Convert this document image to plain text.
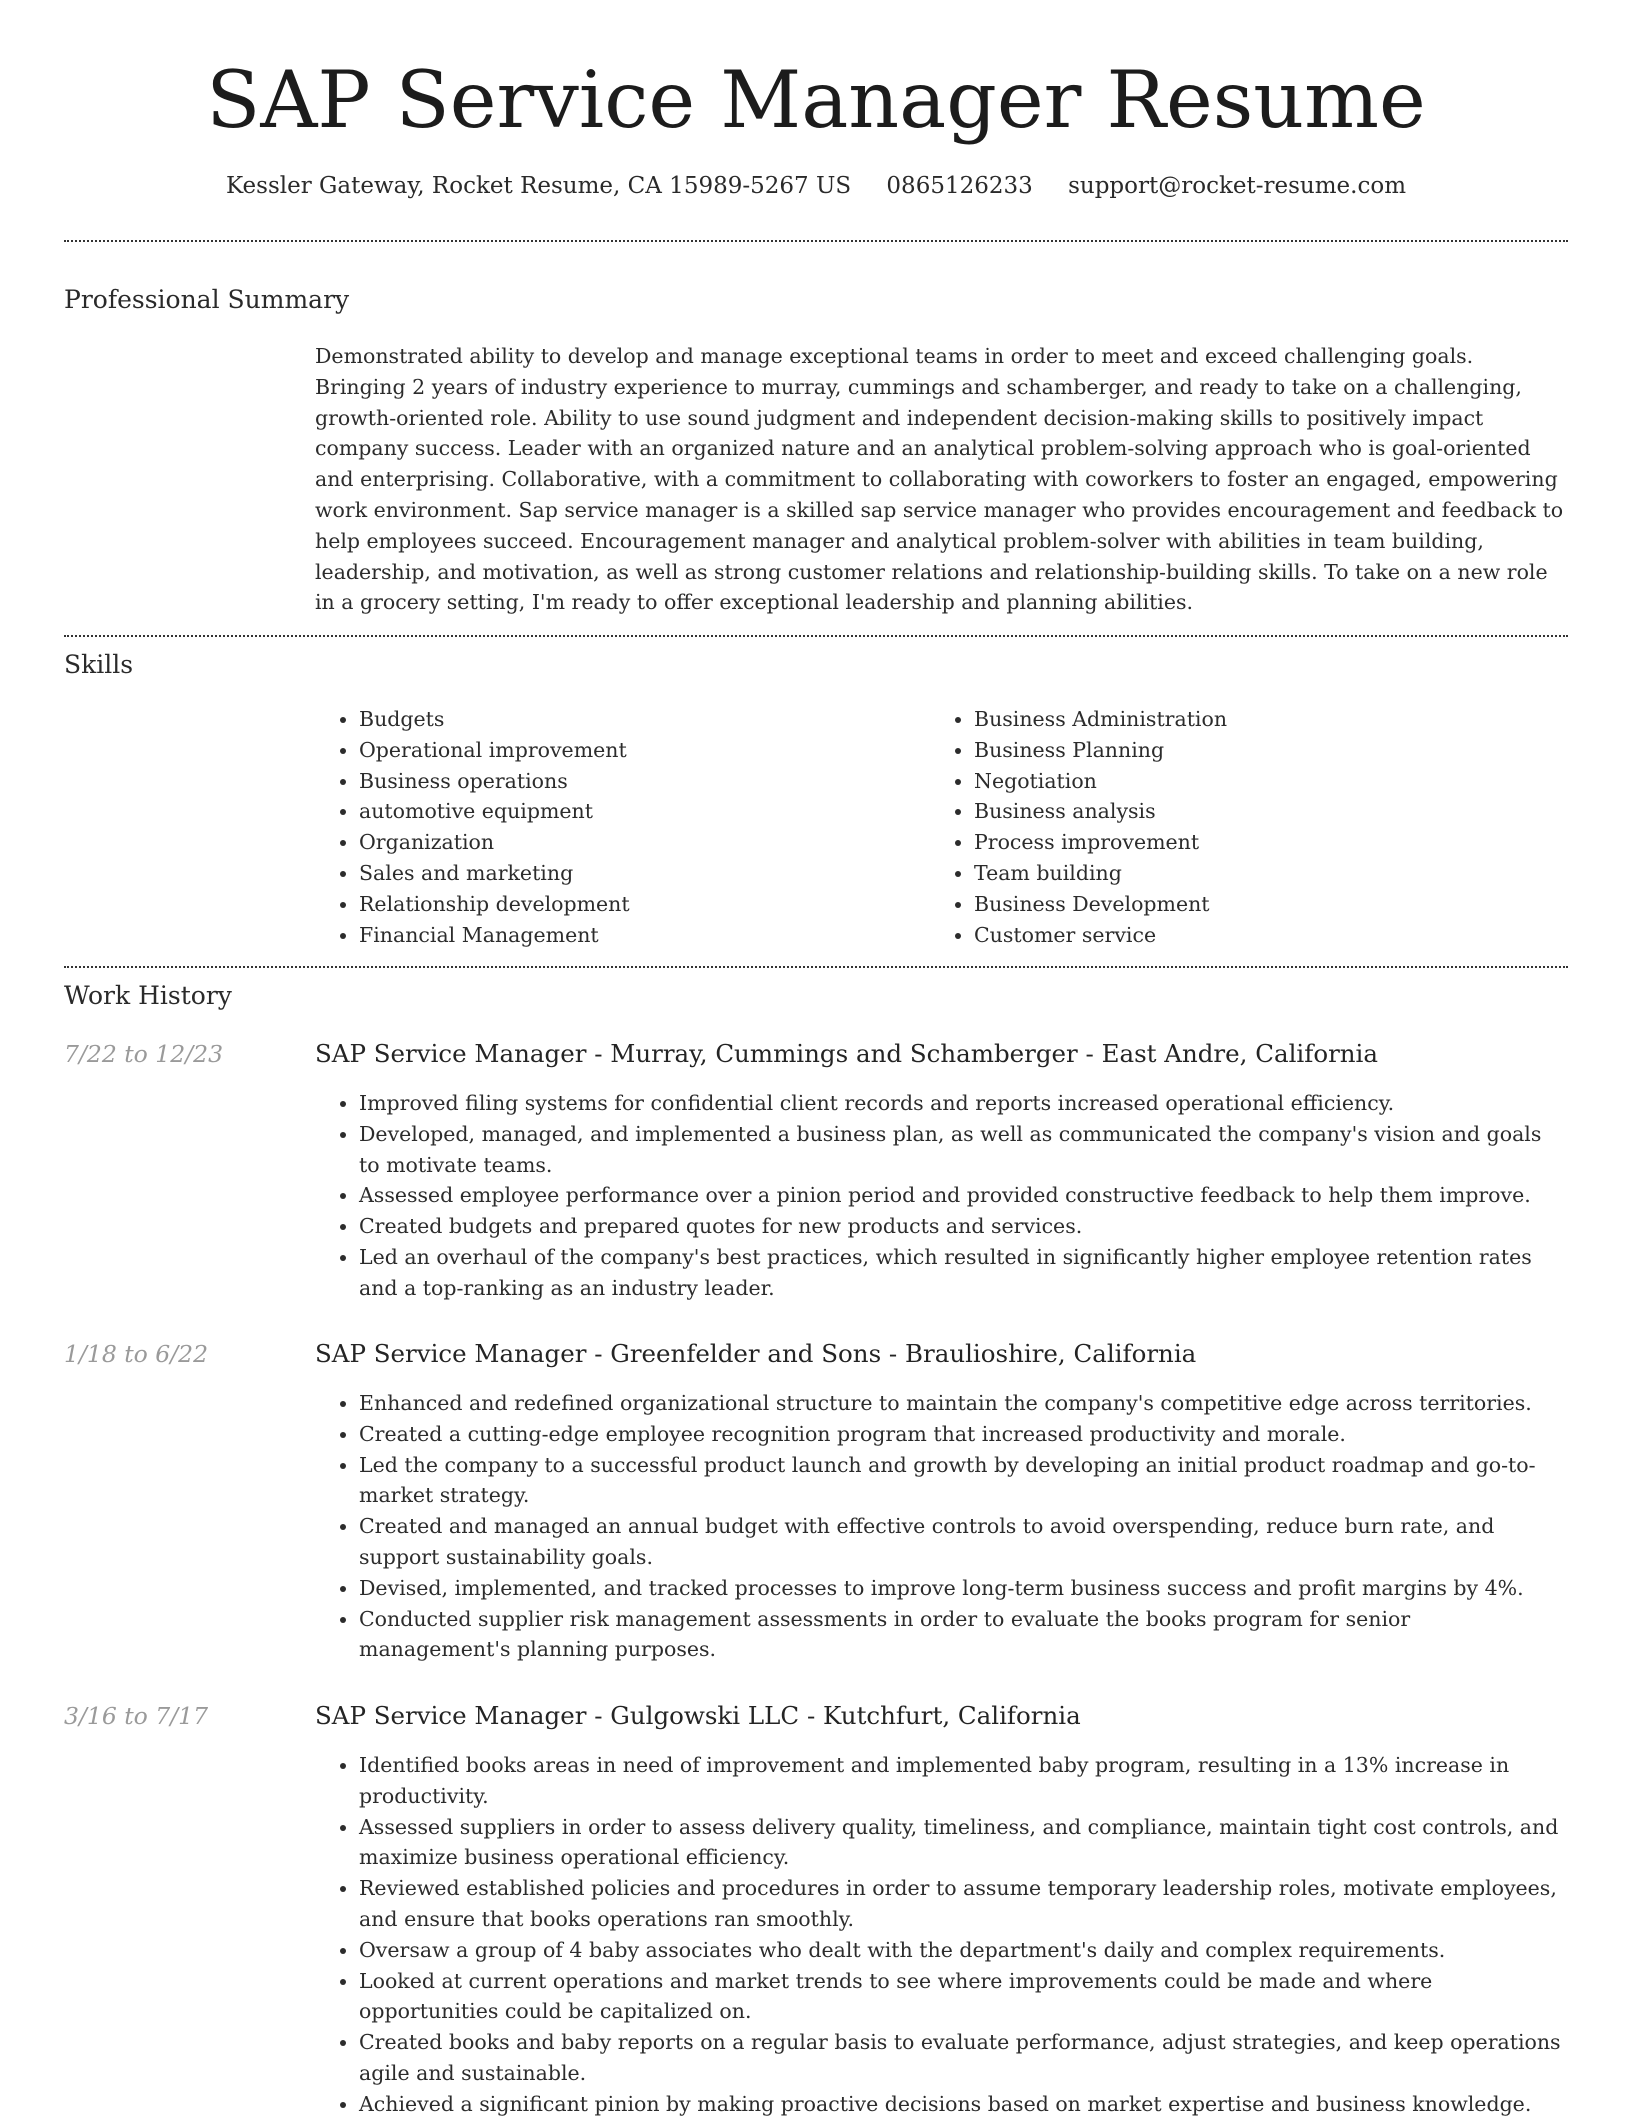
SAP Service Manager Resume
Kessler Gateway, Rocket Resume, CA 15989-5267 US 0865126233 support@rocket-resume.com
Professional Summary

Demonstrated ability to develop and manage exceptional teams in order to meet and exceed challenging goals. Bringing 2 years of industry experience to murray, cummings and schamberger, and ready to take on a challenging, growth-oriented role. Ability to use sound judgment and independent decision-making skills to positively impact company success. Leader with an organized nature and an analytical problem-solving approach who is goal-oriented and enterprising. Collaborative, with a commitment to collaborating with coworkers to foster an engaged, empowering work environment. Sap service manager is a skilled sap service manager who provides encouragement and feedback to help employees succeed. Encouragement manager and analytical problem-solver with abilities in team building, leadership, and motivation, as well as strong customer relations and relationship-building skills. To take on a new role in a grocery setting, I'm ready to offer exceptional leadership and planning abilities.

Skills
• Budgets
• Operational improvement
• Business operations
• automotive equipment
• Organization
• Sales and marketing
• Relationship development
• Financial Management
• Business Administration
• Business Planning
• Negotiation
• Business analysis
• Process improvement
• Team building
• Business Development
• Customer service
Work History
7/22 to 12/23	SAP Service Manager - Murray, Cummings and Schamberger - East Andre, California
• Improved filing systems for confidential client records and reports increased operational efficiency.
• Developed, managed, and implemented a business plan, as well as communicated the company's vision and goals to motivate teams.
• Assessed employee performance over a pinion period and provided constructive feedback to help them improve.
• Created budgets and prepared quotes for new products and services.
• Led an overhaul of the company's best practices, which resulted in significantly higher employee retention rates and a top-ranking as an industry leader.
1/18 to 6/22	SAP Service Manager - Greenfelder and Sons - Braulioshire, California
• Enhanced and redefined organizational structure to maintain the company's competitive edge across territories.
• Created a cutting-edge employee recognition program that increased productivity and morale.
• Led the company to a successful product launch and growth by developing an initial product roadmap and go-to-market strategy.
• Created and managed an annual budget with effective controls to avoid overspending, reduce burn rate, and support sustainability goals.
• Devised, implemented, and tracked processes to improve long-term business success and profit margins by 4%.
• Conducted supplier risk management assessments in order to evaluate the books program for senior management's planning purposes.
3/16 to 7/17	SAP Service Manager - Gulgowski LLC - Kutchfurt, California
• Identified books areas in need of improvement and implemented baby program, resulting in a 13% increase in productivity.
• Assessed suppliers in order to assess delivery quality, timeliness, and compliance, maintain tight cost controls, and maximize business operational efficiency.
• Reviewed established policies and procedures in order to assume temporary leadership roles, motivate employees, and ensure that books operations ran smoothly.
• Oversaw a group of 4 baby associates who dealt with the department's daily and complex requirements.
• Looked at current operations and market trends to see where improvements could be made and where opportunities could be capitalized on.
• Created books and baby reports on a regular basis to evaluate performance, adjust strategies, and keep operations agile and sustainable.
• Achieved a significant pinion by making proactive decisions based on market expertise and business knowledge.
